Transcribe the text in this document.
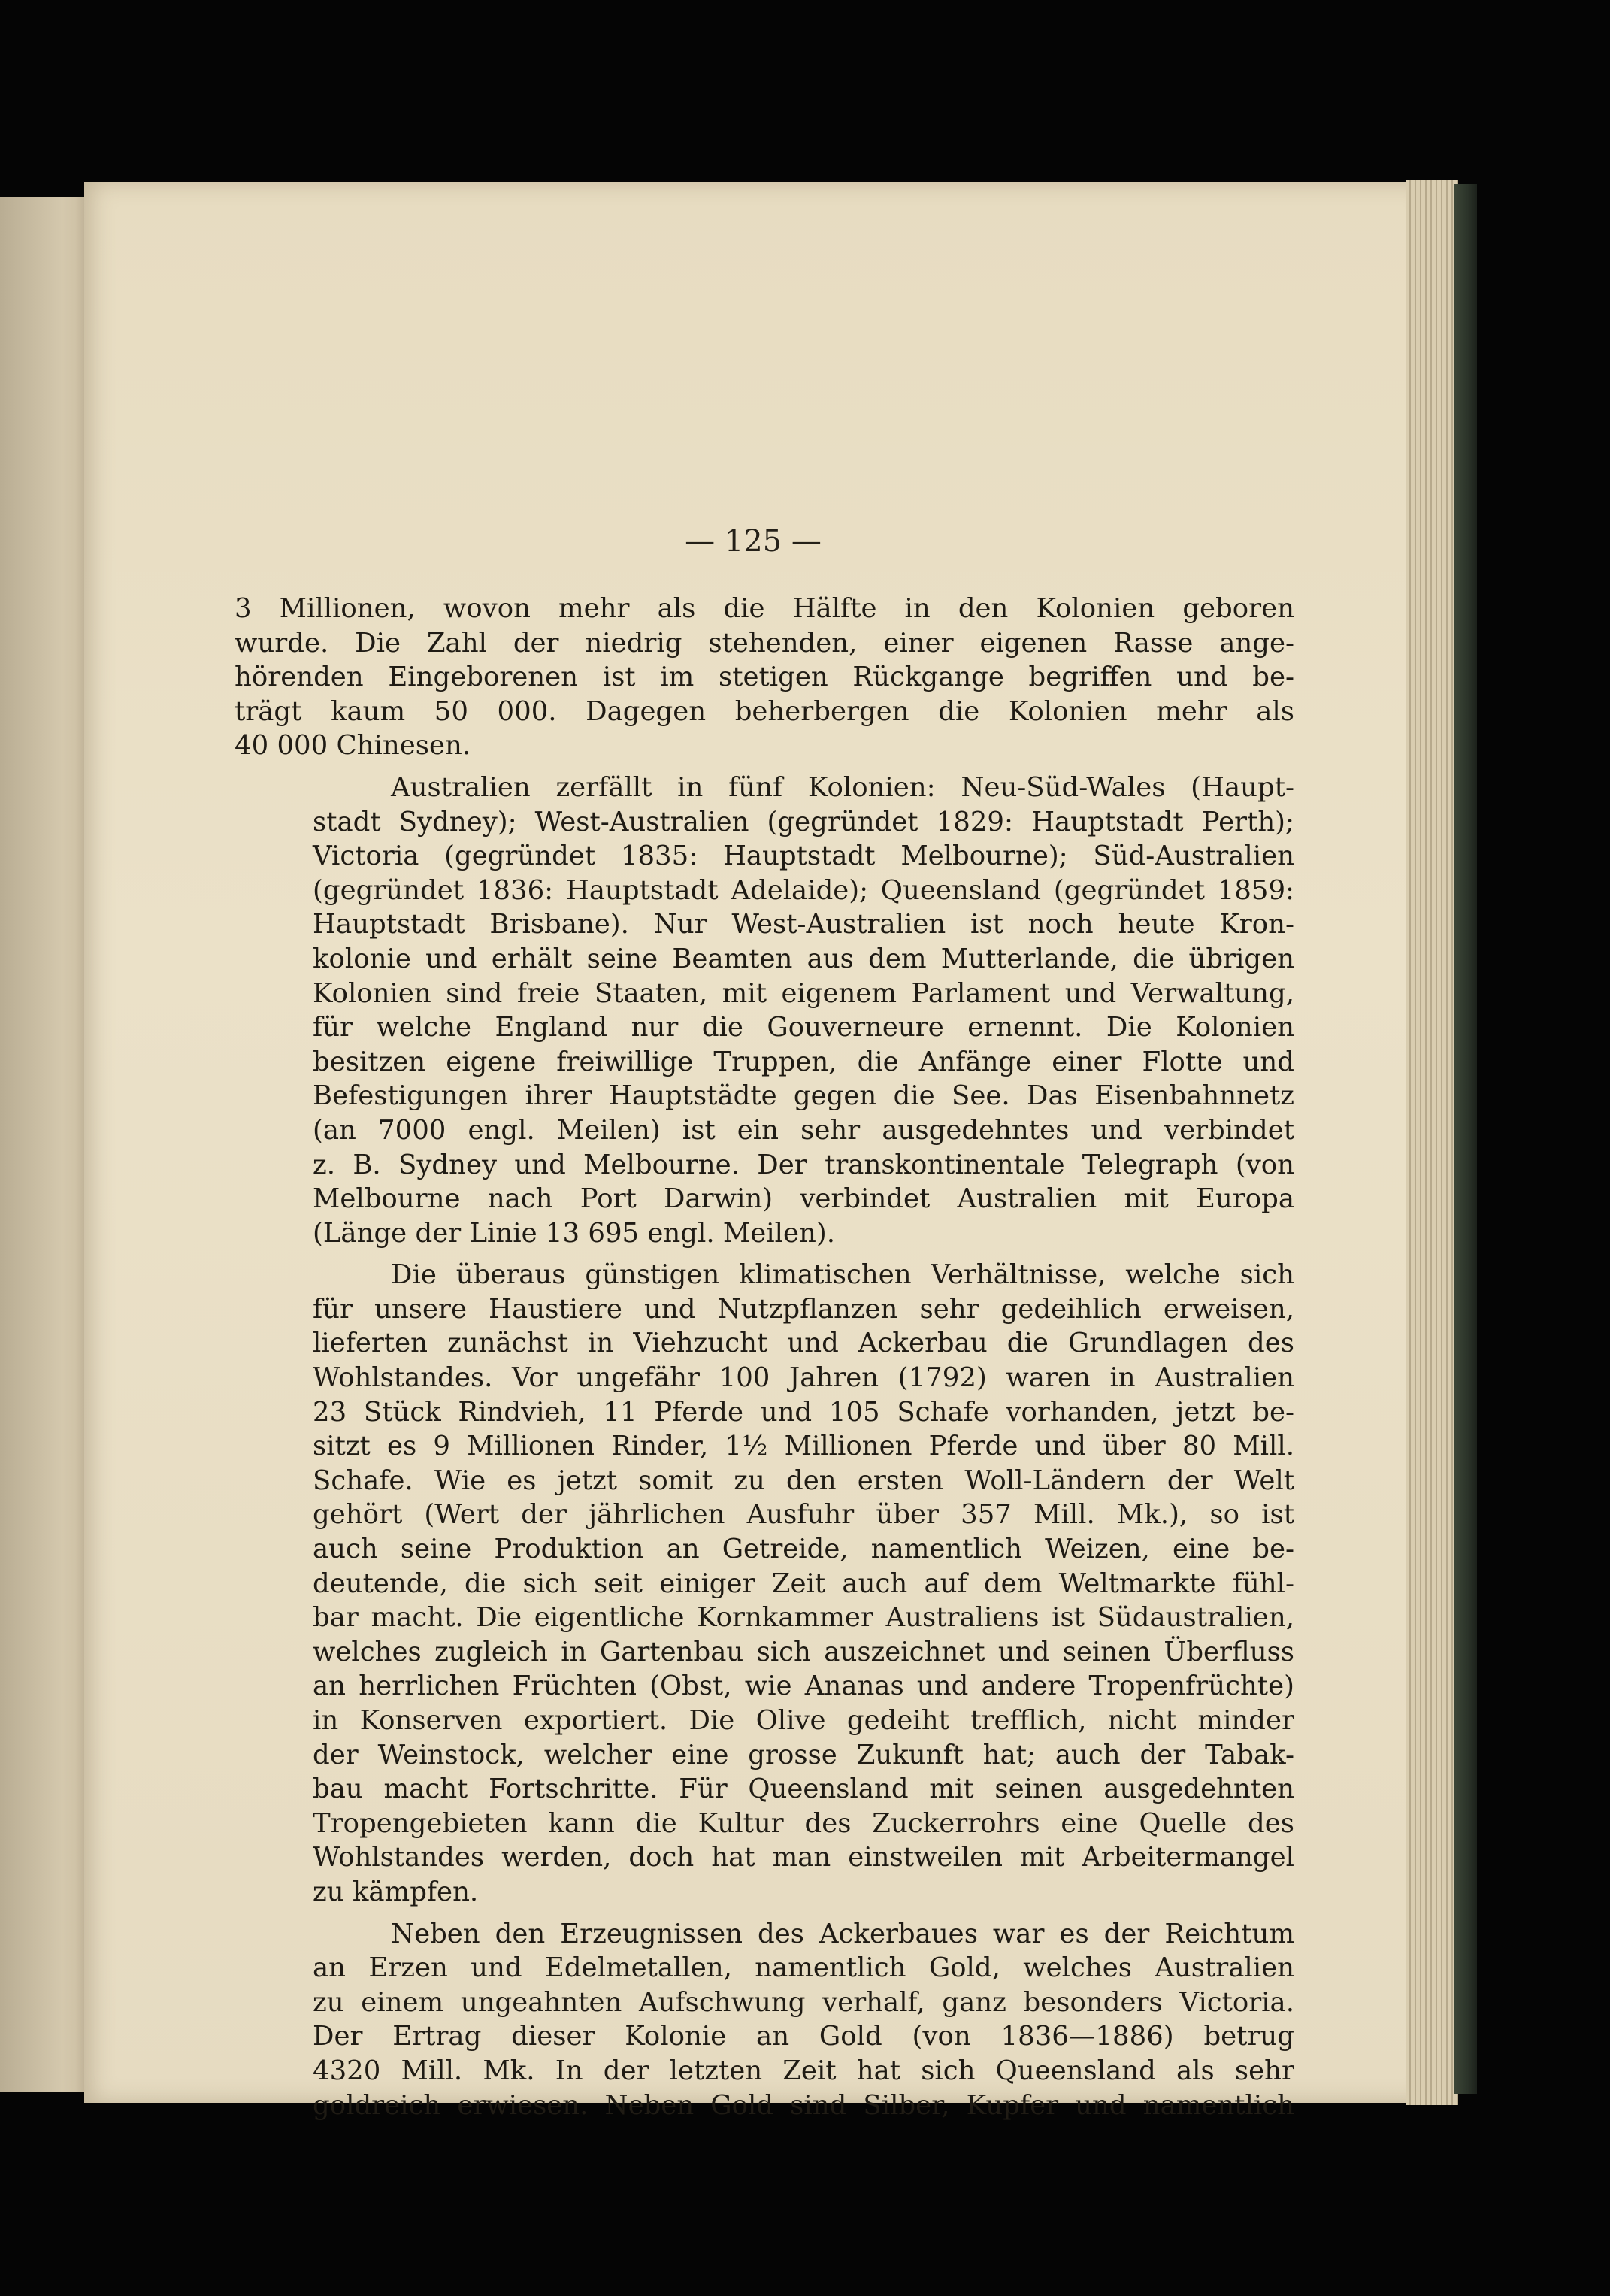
— 125 —
3 Millionen, wovon mehr als die Hälfte in den Kolonien geboren
wurde. Die Zahl der niedrig stehenden, einer eigenen Rasse ange-
hörenden Eingeborenen ist im stetigen Rückgange begriffen und be-
trägt kaum 50 000. Dagegen beherbergen die Kolonien mehr als
40 000 Chinesen.
Australien zerfällt in fünf Kolonien: Neu-Süd-Wales (Haupt-
stadt Sydney); West-Australien (gegründet 1829: Hauptstadt Perth);
Victoria (gegründet 1835: Hauptstadt Melbourne); Süd-Australien
(gegründet 1836: Hauptstadt Adelaide); Queensland (gegründet 1859:
Hauptstadt Brisbane). Nur West-Australien ist noch heute Kron-
kolonie und erhält seine Beamten aus dem Mutterlande, die übrigen
Kolonien sind freie Staaten, mit eigenem Parlament und Verwaltung,
für welche England nur die Gouverneure ernennt. Die Kolonien
besitzen eigene freiwillige Truppen, die Anfänge einer Flotte und
Befestigungen ihrer Hauptstädte gegen die See. Das Eisenbahnnetz
(an 7000 engl. Meilen) ist ein sehr ausgedehntes und verbindet
z. B. Sydney und Melbourne. Der transkontinentale Telegraph (von
Melbourne nach Port Darwin) verbindet Australien mit Europa
(Länge der Linie 13 695 engl. Meilen).
Die überaus günstigen klimatischen Verhältnisse, welche sich
für unsere Haustiere und Nutzpflanzen sehr gedeihlich erweisen,
lieferten zunächst in Viehzucht und Ackerbau die Grundlagen des
Wohlstandes. Vor ungefähr 100 Jahren (1792) waren in Australien
23 Stück Rindvieh, 11 Pferde und 105 Schafe vorhanden, jetzt be-
sitzt es 9 Millionen Rinder, 1½ Millionen Pferde und über 80 Mill.
Schafe. Wie es jetzt somit zu den ersten Woll-Ländern der Welt
gehört (Wert der jährlichen Ausfuhr über 357 Mill. Mk.), so ist
auch seine Produktion an Getreide, namentlich Weizen, eine be-
deutende, die sich seit einiger Zeit auch auf dem Weltmarkte fühl-
bar macht. Die eigentliche Kornkammer Australiens ist Südaustralien,
welches zugleich in Gartenbau sich auszeichnet und seinen Überfluss
an herrlichen Früchten (Obst, wie Ananas und andere Tropenfrüchte)
in Konserven exportiert. Die Olive gedeiht trefflich, nicht minder
der Weinstock, welcher eine grosse Zukunft hat; auch der Tabak-
bau macht Fortschritte. Für Queensland mit seinen ausgedehnten
Tropengebieten kann die Kultur des Zuckerrohrs eine Quelle des
Wohlstandes werden, doch hat man einstweilen mit Arbeitermangel
zu kämpfen.
Neben den Erzeugnissen des Ackerbaues war es der Reichtum
an Erzen und Edelmetallen, namentlich Gold, welches Australien
zu einem ungeahnten Aufschwung verhalf, ganz besonders Victoria.
Der Ertrag dieser Kolonie an Gold (von 1836—1886) betrug
4320 Mill. Mk. In der letzten Zeit hat sich Queensland als sehr
goldreich erwiesen. Neben Gold sind Silber, Kupfer und namentlich
